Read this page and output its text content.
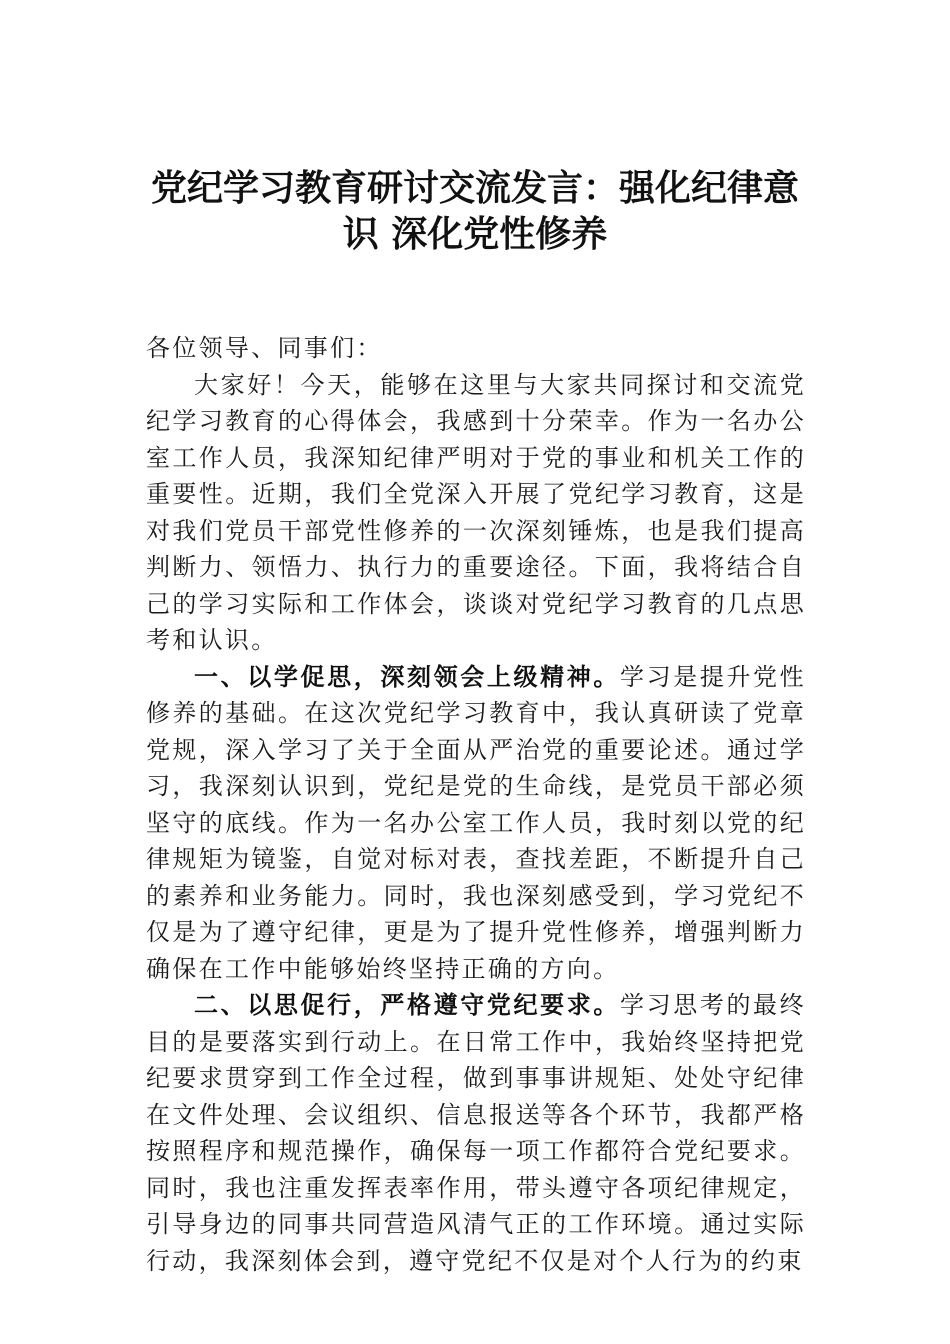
党纪学习教育研讨交流发言：强化纪律意
识 深化党性修养

各位领导、同事们：

大家好！今天，能够在这里与大家共同探讨和交流党纪学习教育的心得体会，我感到十分荣幸。作为一名办公室工作人员，我深知纪律严明对于党的事业和机关工作的重要性。近期，我们全党深入开展了党纪学习教育，这是对我们党员干部党性修养的一次深刻锤炼，也是我们提高判断力、领悟力、执行力的重要途径。下面，我将结合自己的学习实际和工作体会，谈谈对党纪学习教育的几点思考和认识。

一、以学促思，深刻领会上级精神。学习是提升党性修养的基础。在这次党纪学习教育中，我认真研读了党章党规，深入学习了关于全面从严治党的重要论述。通过学习，我深刻认识到，党纪是党的生命线，是党员干部必须坚守的底线。作为一名办公室工作人员，我时刻以党的纪律规矩为镜鉴，自觉对标对表，查找差距，不断提升自己的素养和业务能力。同时，我也深刻感受到，学习党纪不仅是为了遵守纪律，更是为了提升党性修养，增强判断力确保在工作中能够始终坚持正确的方向。

二、以思促行，严格遵守党纪要求。学习思考的最终目的是要落实到行动上。在日常工作中，我始终坚持把党纪要求贯穿到工作全过程，做到事事讲规矩、处处守纪律在文件处理、会议组织、信息报送等各个环节，我都严格按照程序和规范操作，确保每一项工作都符合党纪要求。同时，我也注重发挥表率作用，带头遵守各项纪律规定，引导身边的同事共同营造风清气正的工作环境。通过实际行动，我深刻体会到，遵守党纪不仅是对个人行为的约束
